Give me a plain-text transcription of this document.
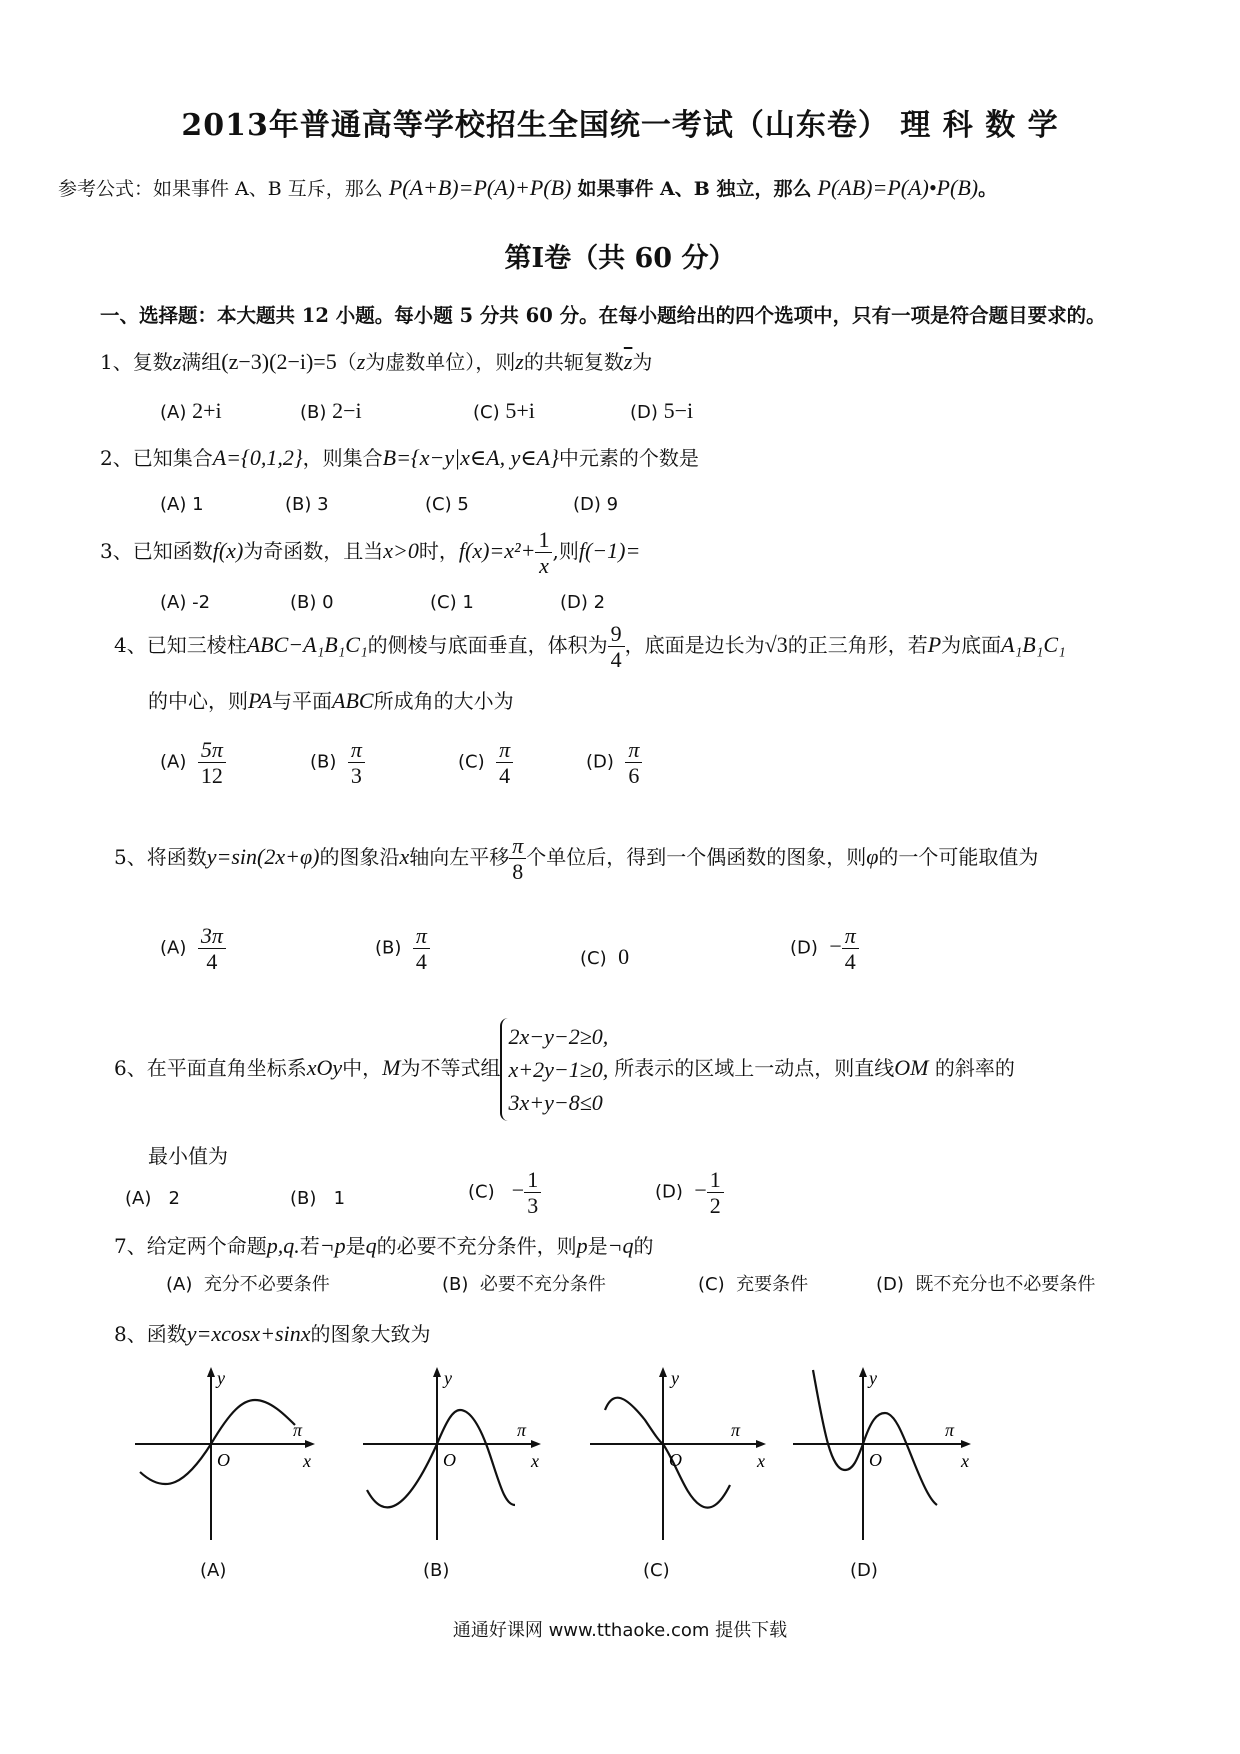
2013年普通高等学校招生全国统一考试（山东卷） 理 科 数 学
参考公式：如果事件 A、B 互斥，那么 P(A+B)=P(A)+P(B) 如果事件 A、B 独立，那么 P(AB)=P(A)•P(B)。
第Ⅰ卷（共 60 分）
一、选择题：本大题共 12 小题。每小题 5 分共 60 分。在每小题给出的四个选项中，只有一项是符合题目要求的。
1、复数z满组(z−3)(2−i)=5（z为虚数单位），则z的共轭复数$\overline{z}$为
(A) 2+i	(B) 2−i	(C) 5+i	(D) 5−i
2、已知集合A={0,1,2}，则集合B={x−y|x∈A, y∈A}中元素的个数是
(A) 1	(B) 3	(C) 5	(D) 9
3、已知函数f(x)为奇函数，且当x>0时，$f(x)=x^2+ \frac{1}{x}$ ,则f(−1)=
(A) -2	(B) 0	(C) 1	(D) 2
4、已知三棱柱ABC−A₁B₁C₁的侧棱与底面垂直，体积为 $\frac{9}{4}$ ，底面是边长为√3的正三角形，若P为底面A₁B₁C₁
的中心，则PA与平面ABC所成角的大小为
$(A) \frac{5\pi}{12}$	$(B) \frac{\pi}{3}$	$(C) \frac{\pi}{4}$	$(D) \frac{\pi}{6}$
5、将函数y=sin(2x+φ)的图象沿x轴向左平移 $\frac{\pi}{8}$ 个单位后，得到一个偶函数的图象，则φ的一个可能取值为
$(A) \frac{3\pi}{4}$	$(B) \frac{\pi}{4}$	(C) 0	$(D) - \frac{\pi}{4}$
6、在平面直角坐标系xOy中，M为不等式组
2x−y−2≥0,
x+2y−1≥0,
3x+y−8≤0
所表示的区域上一动点，则直线OM 的斜率的
最小值为
(A) 2	(B) 1	$(C) - \frac{1}{3}$	$(D) - \frac{1}{2}$
7、给定两个命题p,q.若¬p是q的必要不充分条件，则p是¬q的
(A) 充分不必要条件	(B) 必要不充分条件	(C) 充要条件	(D) 既不充分也不必要条件
8、函数y=xcosx+sinx的图象大致为
y
x
O
π
y
x
O
π
y
x
O
π
y
x
O
π
(A)	(B)	(C)	(D)
通通好课网 www.tthaoke.com 提供下载
